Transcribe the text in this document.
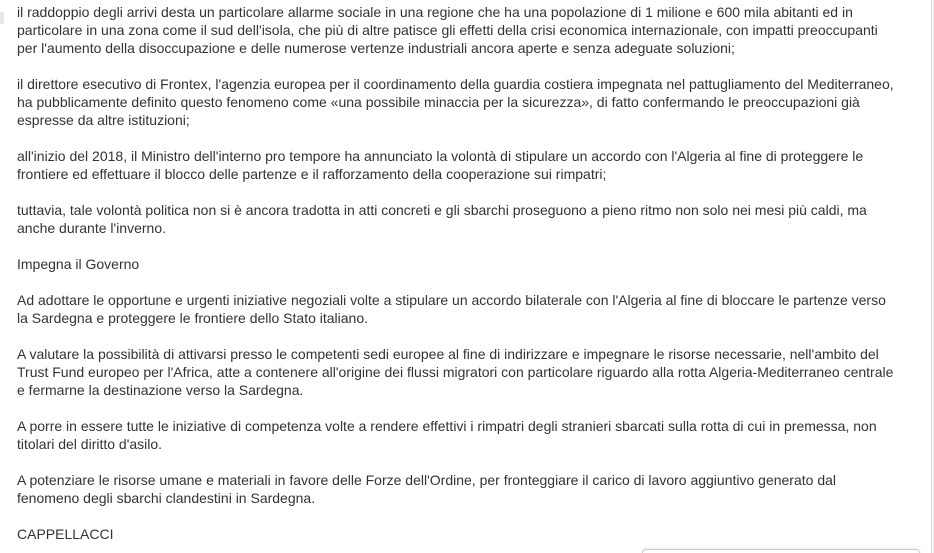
il raddoppio degli arrivi desta un particolare allarme sociale in una regione che ha una popolazione di 1 milione e 600 mila abitanti ed in particolare in una zona come il sud dell'isola, che più di altre patisce gli effetti della crisi economica internazionale, con impatti preoccupanti per l'aumento della disoccupazione e delle numerose vertenze industriali ancora aperte e senza adeguate soluzioni;

il direttore esecutivo di Frontex, l'agenzia europea per il coordinamento della guardia costiera impegnata nel pattugliamento del Mediterraneo, ha pubblicamente definito questo fenomeno come «una possibile minaccia per la sicurezza», di fatto confermando le preoccupazioni già espresse da altre istituzioni;

all'inizio del 2018, il Ministro dell'interno pro tempore ha annunciato la volontà di stipulare un accordo con l'Algeria al fine di proteggere le frontiere ed effettuare il blocco delle partenze e il rafforzamento della cooperazione sui rimpatri;

tuttavia, tale volontà politica non si è ancora tradotta in atti concreti e gli sbarchi proseguono a pieno ritmo non solo nei mesi più caldi, ma anche durante l'inverno.

Impegna il Governo

Ad adottare le opportune e urgenti iniziative negoziali volte a stipulare un accordo bilaterale con l'Algeria al fine di bloccare le partenze verso la Sardegna e proteggere le frontiere dello Stato italiano.

A valutare la possibilità di attivarsi presso le competenti sedi europee al fine di indirizzare e impegnare le risorse necessarie, nell'ambito del Trust Fund europeo per l'Africa, atte a contenere all'origine dei flussi migratori con particolare riguardo alla rotta Algeria-Mediterraneo centrale e fermarne la destinazione verso la Sardegna.

A porre in essere tutte le iniziative di competenza volte a rendere effettivi i rimpatri degli stranieri sbarcati sulla rotta di cui in premessa, non titolari del diritto d'asilo.

A potenziare le risorse umane e materiali in favore delle Forze dell'Ordine, per fronteggiare il carico di lavoro aggiuntivo generato dal fenomeno degli sbarchi clandestini in Sardegna.

CAPPELLACCI
